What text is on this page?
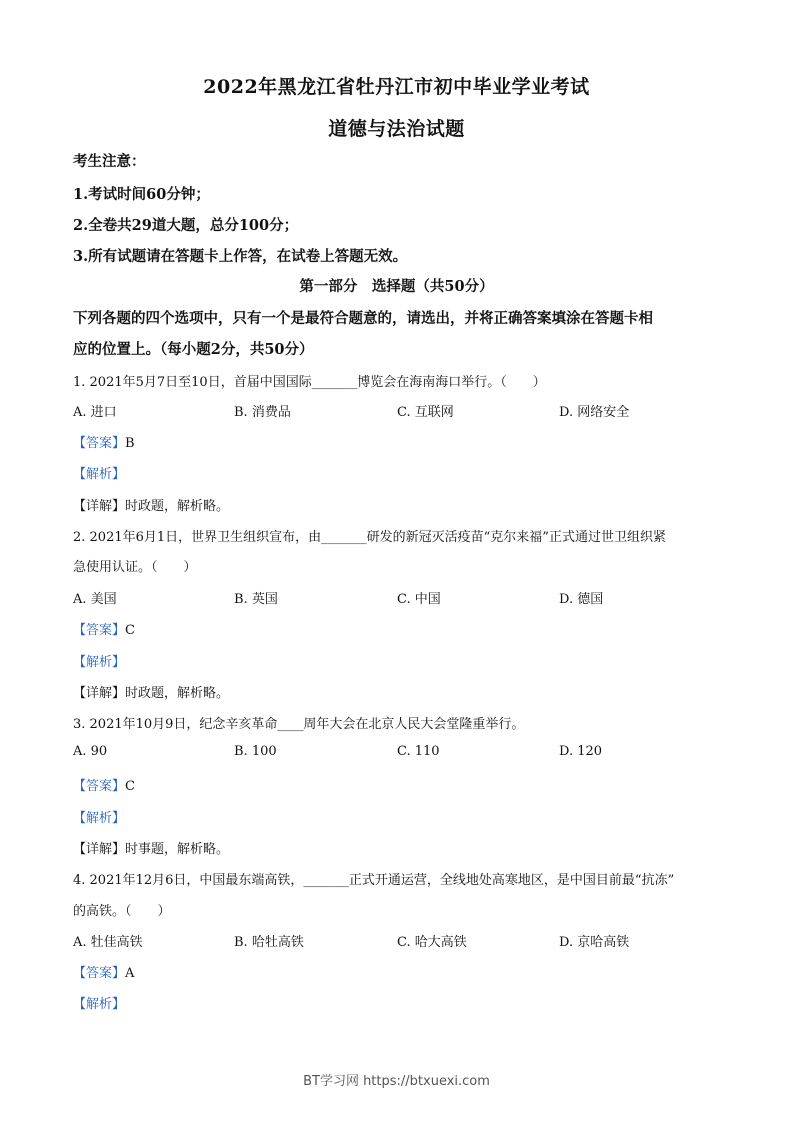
2022年黑龙江省牡丹江市初中毕业学业考试
道德与法治试题
考生注意：
1.考试时间60分钟；
2.全卷共29道大题，总分100分；
3.所有试题请在答题卡上作答，在试卷上答题无效。
第一部分　选择题（共50分）
下列各题的四个选项中，只有一个是最符合题意的，请选出，并将正确答案填涂在答题卡相
应的位置上。（每小题2分，共50分）
1. 2021年5月7日至10日，首届中国国际_______博览会在海南海口举行。（　　）
A. 进口	B. 消费品	C. 互联网	D. 网络安全
【答案】B
【解析】
【详解】时政题，解析略。
2. 2021年6月1日，世界卫生组织宣布，由_______研发的新冠灭活疫苗“克尔来福”正式通过世卫组织紧
急使用认证。（　　）
A. 美国	B. 英国	C. 中国	D. 德国
【答案】C
【解析】
【详解】时政题，解析略。
3. 2021年10月9日，纪念辛亥革命____周年大会在北京人民大会堂隆重举行。
A. 90	B. 100	C. 110	D. 120
【答案】C
【解析】
【详解】时事题，解析略。
4. 2021年12月6日，中国最东端高铁，_______正式开通运营，全线地处高寒地区，是中国目前最“抗冻”
的高铁。（　　）
A. 牡佳高铁	B. 哈牡高铁	C. 哈大高铁	D. 京哈高铁
【答案】A
【解析】
BT学习网 https://btxuexi.com
